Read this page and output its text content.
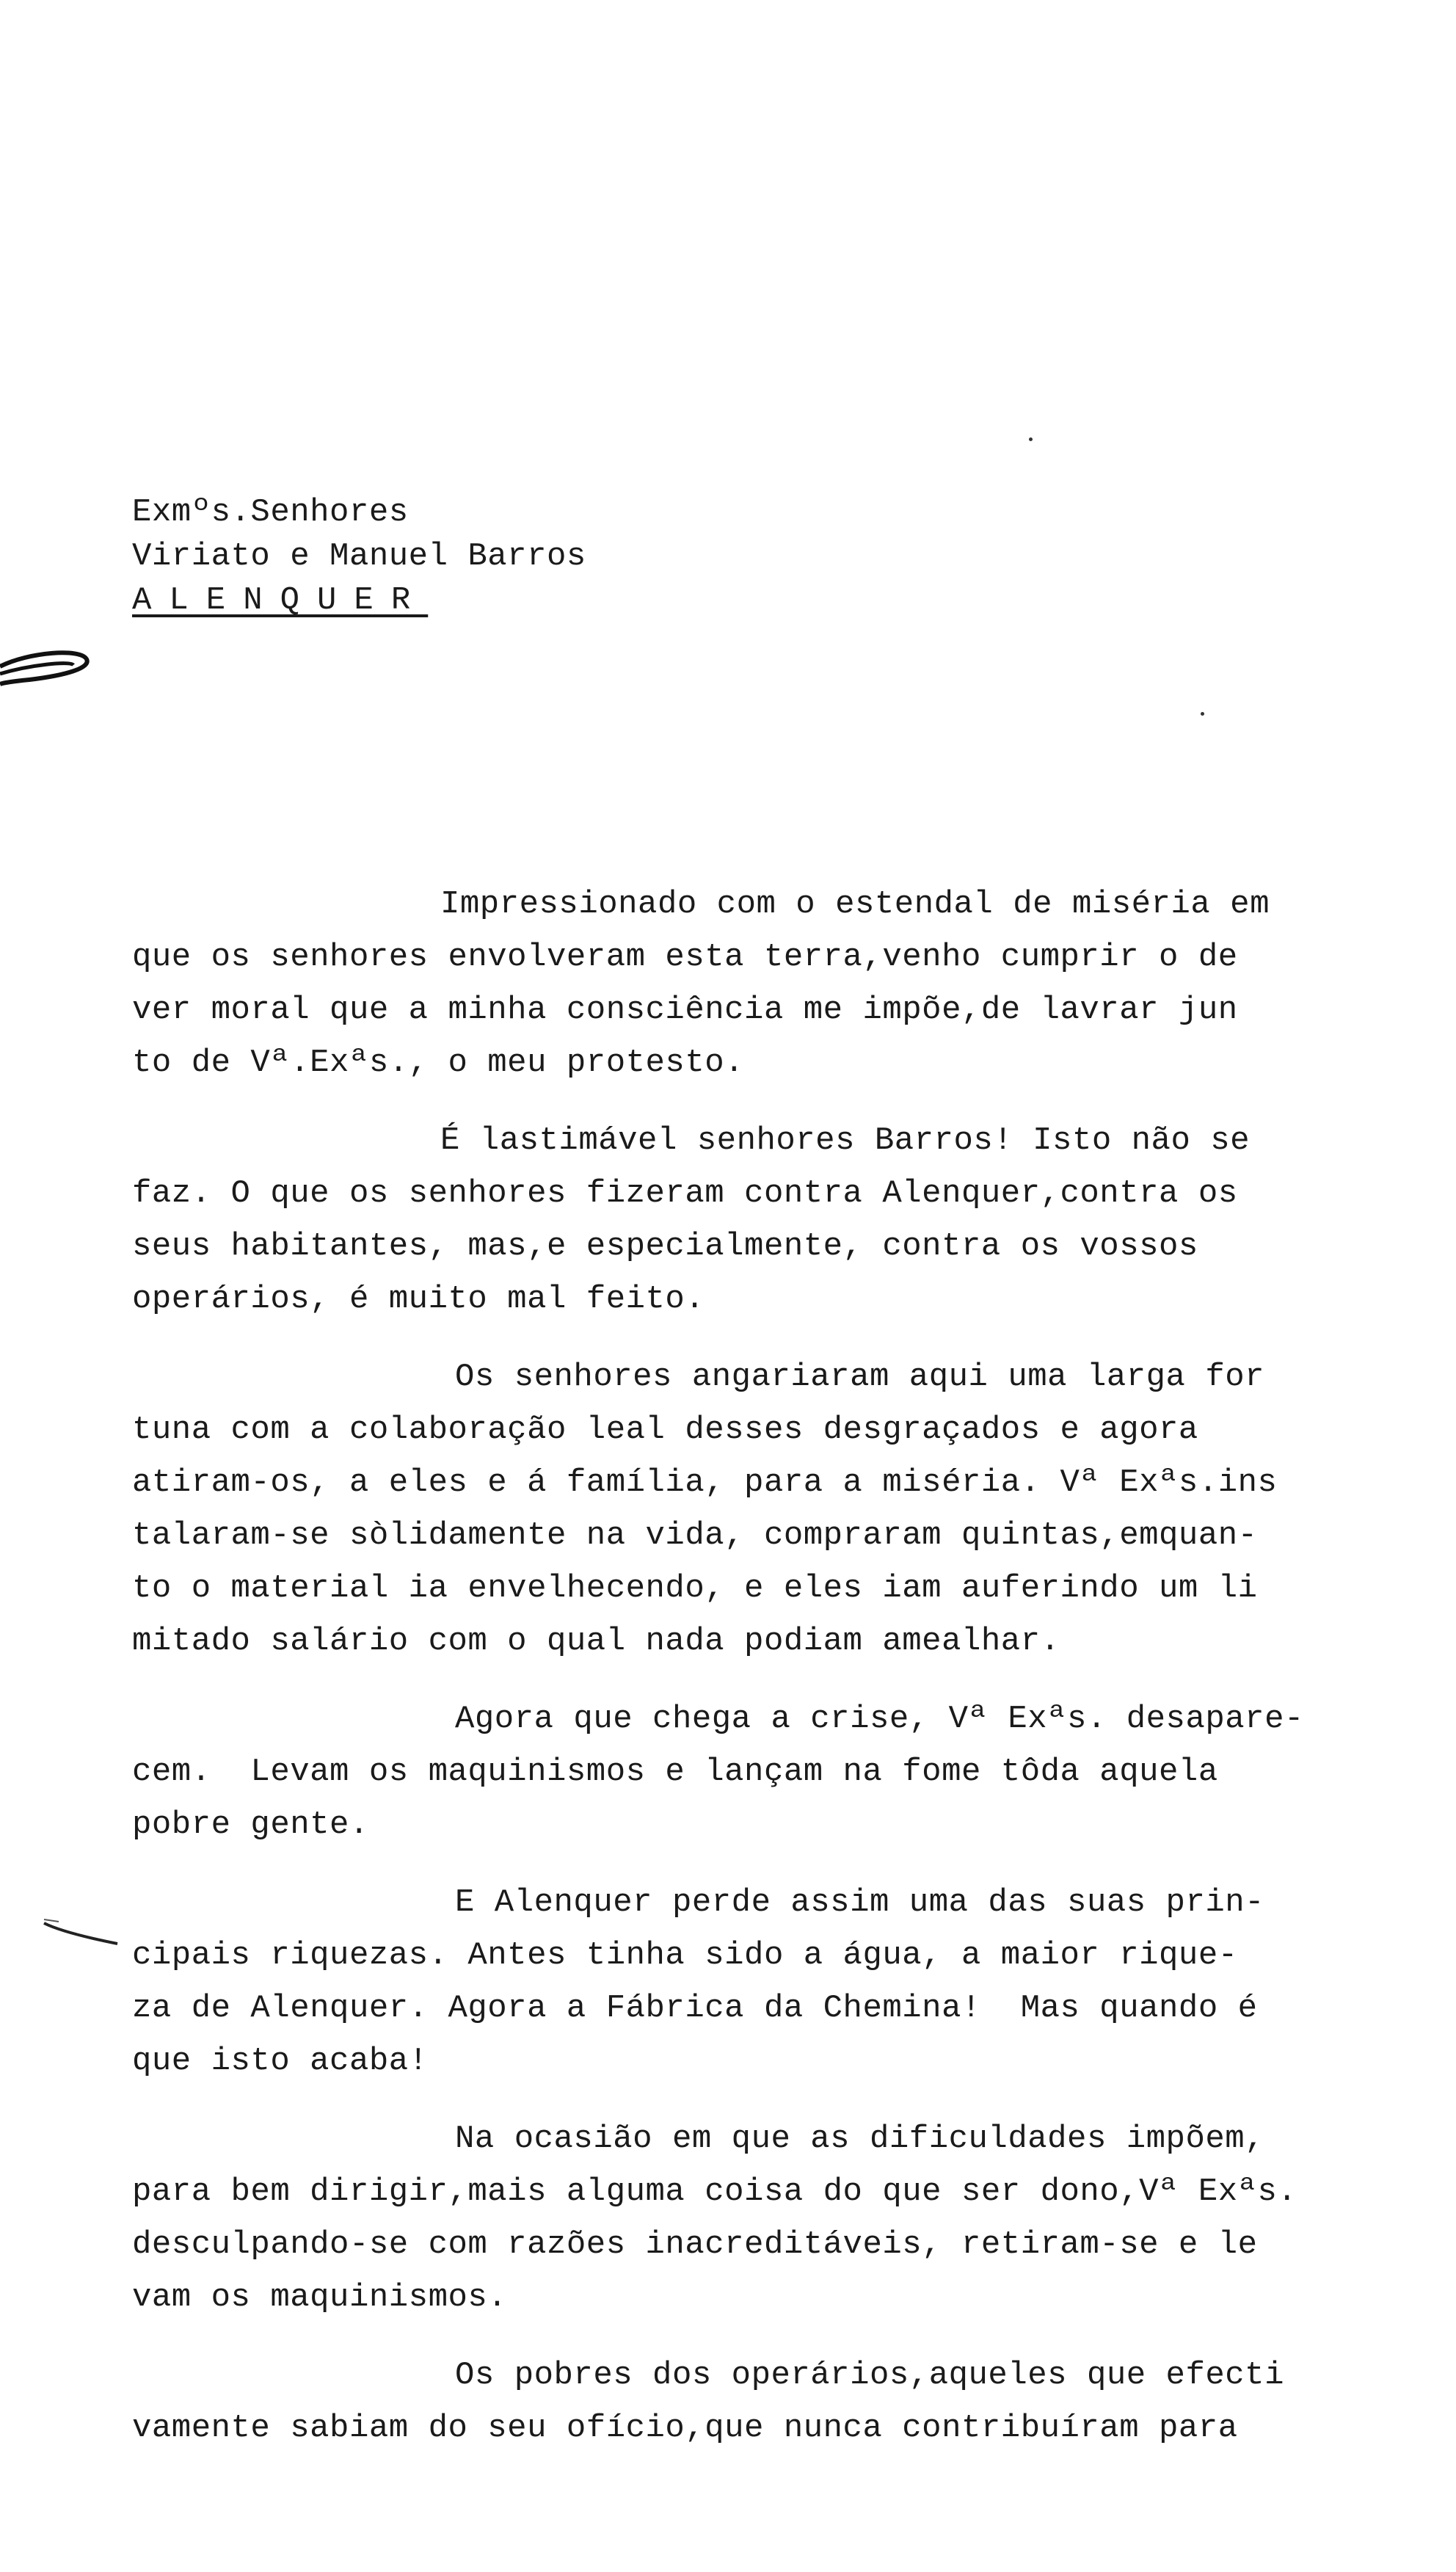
Exmºs.Senhores
Viriato e Manuel Barros
ALENQUER
Impressionado com o estendal de miséria em
que os senhores envolveram esta terra,venho cumprir o de
ver moral que a minha consciência me impõe,de lavrar jun
to de Vª.Exªs., o meu protesto.
É lastimável senhores Barros! Isto não se
faz. O que os senhores fizeram contra Alenquer,contra os
seus habitantes, mas,e especialmente, contra os vossos
operários, é muito mal feito.
Os senhores angariaram aqui uma larga for
tuna com a colaboração leal desses desgraçados e agora
atiram-os, a eles e á família, para a miséria. Vª Exªs.ins
talaram-se sòlidamente na vida, compraram quintas,emquan-
to o material ia envelhecendo, e eles iam auferindo um li
mitado salário com o qual nada podiam amealhar.
Agora que chega a crise, Vª Exªs. desapare-
cem.  Levam os maquinismos e lançam na fome tôda aquela
pobre gente.
E Alenquer perde assim uma das suas prin-
cipais riquezas. Antes tinha sido a água, a maior rique-
za de Alenquer. Agora a Fábrica da Chemina!  Mas quando é
que isto acaba!
Na ocasião em que as dificuldades impõem,
para bem dirigir,mais alguma coisa do que ser dono,Vª Exªs.
desculpando-se com razões inacreditáveis, retiram-se e le
vam os maquinismos.
Os pobres dos operários,aqueles que efecti
vamente sabiam do seu ofício,que nunca contribuíram para
